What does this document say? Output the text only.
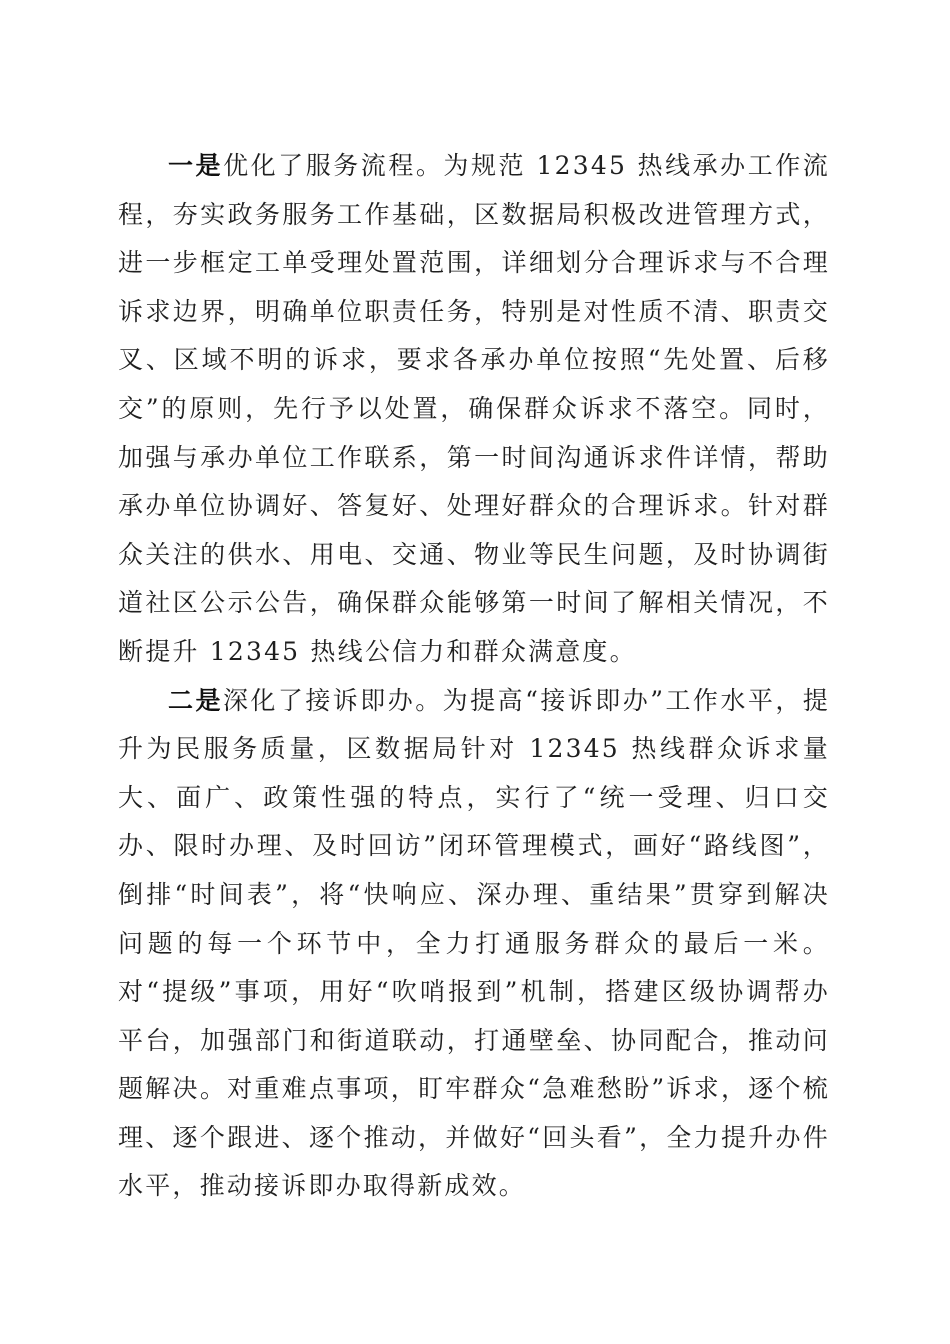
一是优化了服务流程。为规范 12345 热线承办工作流程，夯实政务服务工作基础，区数据局积极改进管理方式，进一步框定工单受理处置范围，详细划分合理诉求与不合理诉求边界，明确单位职责任务，特别是对性质不清、职责交叉、区域不明的诉求，要求各承办单位按照“先处置、后移交”的原则，先行予以处置，确保群众诉求不落空。同时，加强与承办单位工作联系，第一时间沟通诉求件详情，帮助承办单位协调好、答复好、处理好群众的合理诉求。针对群众关注的供水、用电、交通、物业等民生问题，及时协调街道社区公示公告，确保群众能够第一时间了解相关情况，不断提升 12345 热线公信力和群众满意度。

二是深化了接诉即办。为提高“接诉即办”工作水平，提升为民服务质量，区数据局针对 12345 热线群众诉求量大、面广、政策性强的特点，实行了“统一受理、归口交办、限时办理、及时回访”闭环管理模式，画好“路线图”，倒排“时间表”，将“快响应、深办理、重结果”贯穿到解决问题的每一个环节中，全力打通服务群众的最后一米。对“提级”事项，用好“吹哨报到”机制，搭建区级协调帮办平台，加强部门和街道联动，打通壁垒、协同配合，推动问题解决。对重难点事项，盯牢群众“急难愁盼”诉求，逐个梳理、逐个跟进、逐个推动，并做好“回头看”，全力提升办件水平，推动接诉即办取得新成效。
